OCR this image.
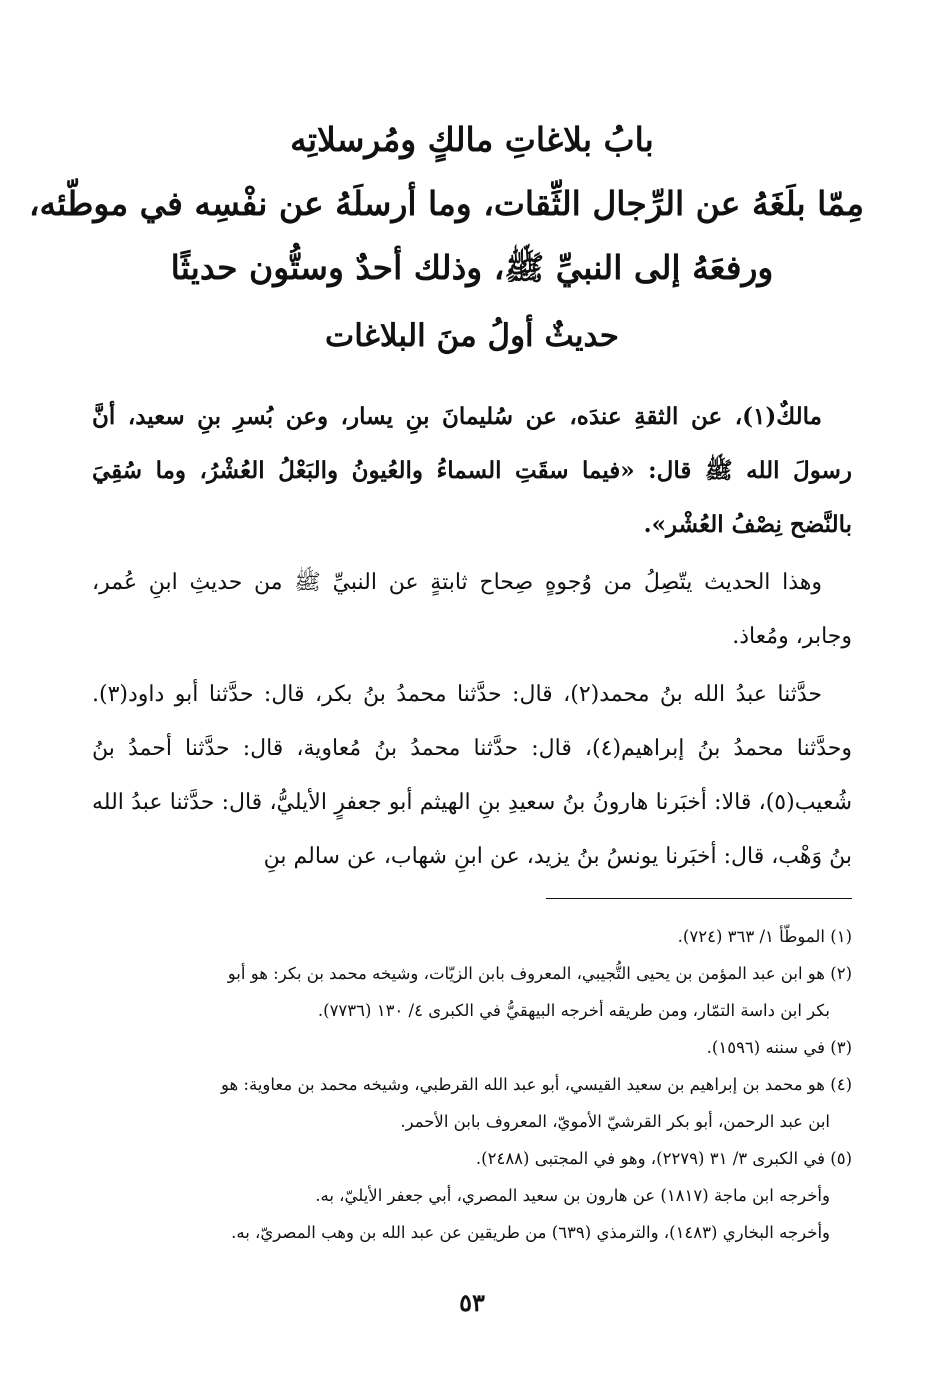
بابُ بلاغاتِ مالكٍ ومُرسلاتِه
مِمّا بلَغَهُ عن الرِّجال الثِّقات، وما أرسلَهُ عن نفْسِه في موطّئه،
ورفعَهُ إلى النبيِّ ﷺ، وذلك أحدٌ وستُّون حديثًا
حديثٌ أولُ منَ البلاغات

مالكٌ(١)، عن الثقةِ عندَه، عن سُليمانَ بنِ يسار، وعن بُسرِ بنِ سعيد، أنَّ رسولَ الله ﷺ قال: «فيما سقَتِ السماءُ والعُيونُ والبَعْلُ العُشْرُ، وما سُقِيَ بالنَّضح نِصْفُ العُشْر».

وهذا الحديث يتّصِلُ من وُجوهٍ صِحاح ثابتةٍ عن النبيِّ ﷺ من حديثِ ابنِ عُمر، وجابر، ومُعاذ.

حدَّثنا عبدُ الله بنُ محمد(٢)، قال: حدَّثنا محمدُ بنُ بكر، قال: حدَّثنا أبو داود(٣). وحدَّثنا محمدُ بنُ إبراهيم(٤)، قال: حدَّثنا محمدُ بنُ مُعاوية، قال: حدَّثنا أحمدُ بنُ شُعيب(٥)، قالا: أخبَرنا هارونُ بنُ سعيدِ بنِ الهيثم أبو جعفرٍ الأيليُّ، قال: حدَّثنا عبدُ الله بنُ وَهْب، قال: أخبَرنا يونسُ بنُ يزيد، عن ابنِ شهاب، عن سالم بنِ

(١) الموطّأ ١/ ٣٦٣ (٧٢٤).

(٢) هو ابن عبد المؤمن بن يحيى التُّجيبي، المعروف بابن الزيّات، وشيخه محمد بن بكر: هو أبو

بكر ابن داسة التمّار، ومن طريقه أخرجه البيهقيُّ في الكبرى ٤/ ١٣٠ (٧٧٣٦).

(٣) في سننه (١٥٩٦).

(٤) هو محمد بن إبراهيم بن سعيد القيسي، أبو عبد الله القرطبي، وشيخه محمد بن معاوية: هو

ابن عبد الرحمن، أبو بكر القرشيّ الأمويّ، المعروف بابن الأحمر.

(٥) في الكبرى ٣/ ٣١ (٢٢٧٩)، وهو في المجتبى (٢٤٨٨).

وأخرجه ابن ماجة (١٨١٧) عن هارون بن سعيد المصري، أبي جعفر الأيليّ، به.

وأخرجه البخاري (١٤٨٣)، والترمذي (٦٣٩) من طريقين عن عبد الله بن وهب المصريّ، به.

٥٣
